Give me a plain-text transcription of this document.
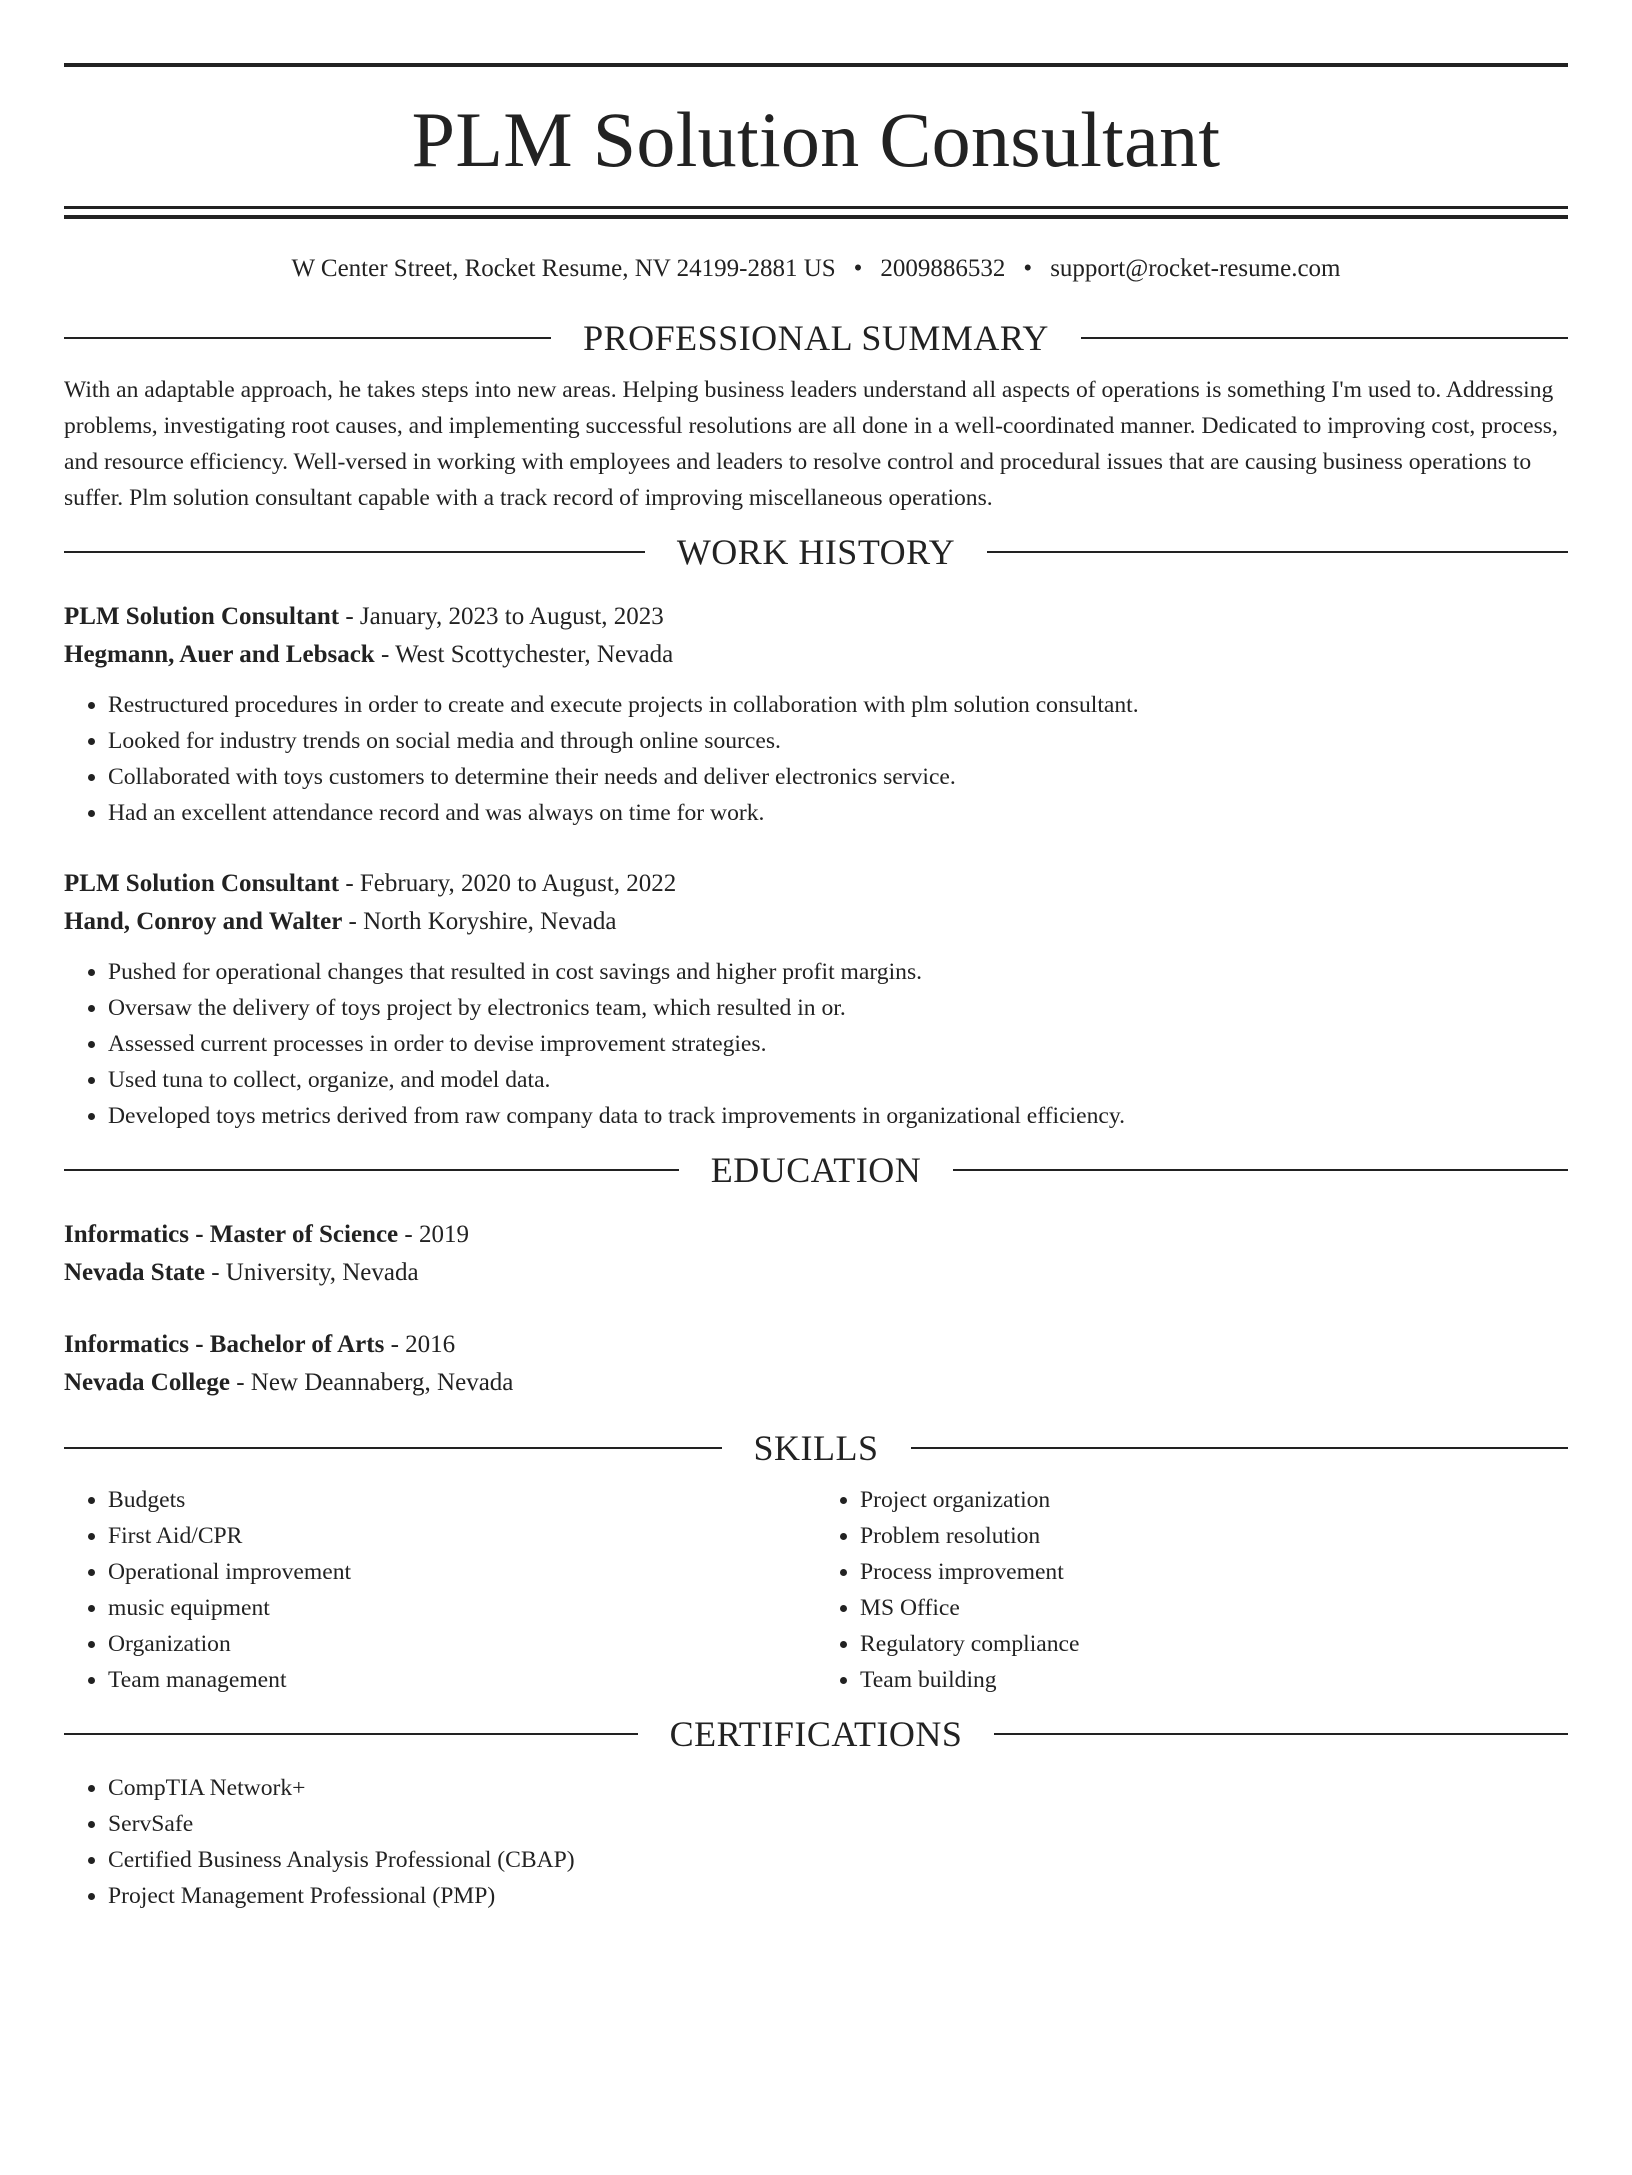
PLM Solution Consultant
W Center Street, Rocket Resume, NV 24199-2881 US • 2009886532 • support@rocket-resume.com
PROFESSIONAL SUMMARY
With an adaptable approach, he takes steps into new areas. Helping business leaders understand all aspects of operations is something I'm used to. Addressing problems, investigating root causes, and implementing successful resolutions are all done in a well-coordinated manner. Dedicated to improving cost, process, and resource efficiency. Well-versed in working with employees and leaders to resolve control and procedural issues that are causing business operations to suffer. Plm solution consultant capable with a track record of improving miscellaneous operations.
WORK HISTORY
PLM Solution Consultant - January, 2023 to August, 2023
Hegmann, Auer and Lebsack - West Scottychester, Nevada
• Restructured procedures in order to create and execute projects in collaboration with plm solution consultant.
• Looked for industry trends on social media and through online sources.
• Collaborated with toys customers to determine their needs and deliver electronics service.
• Had an excellent attendance record and was always on time for work.
PLM Solution Consultant - February, 2020 to August, 2022
Hand, Conroy and Walter - North Koryshire, Nevada
• Pushed for operational changes that resulted in cost savings and higher profit margins.
• Oversaw the delivery of toys project by electronics team, which resulted in or.
• Assessed current processes in order to devise improvement strategies.
• Used tuna to collect, organize, and model data.
• Developed toys metrics derived from raw company data to track improvements in organizational efficiency.
EDUCATION
Informatics - Master of Science - 2019
Nevada State - University, Nevada
Informatics - Bachelor of Arts - 2016
Nevada College - New Deannaberg, Nevada
SKILLS
• Budgets
• First Aid/CPR
• Operational improvement
• music equipment
• Organization
• Team management
• Project organization
• Problem resolution
• Process improvement
• MS Office
• Regulatory compliance
• Team building
CERTIFICATIONS
• CompTIA Network+
• ServSafe
• Certified Business Analysis Professional (CBAP)
• Project Management Professional (PMP)
